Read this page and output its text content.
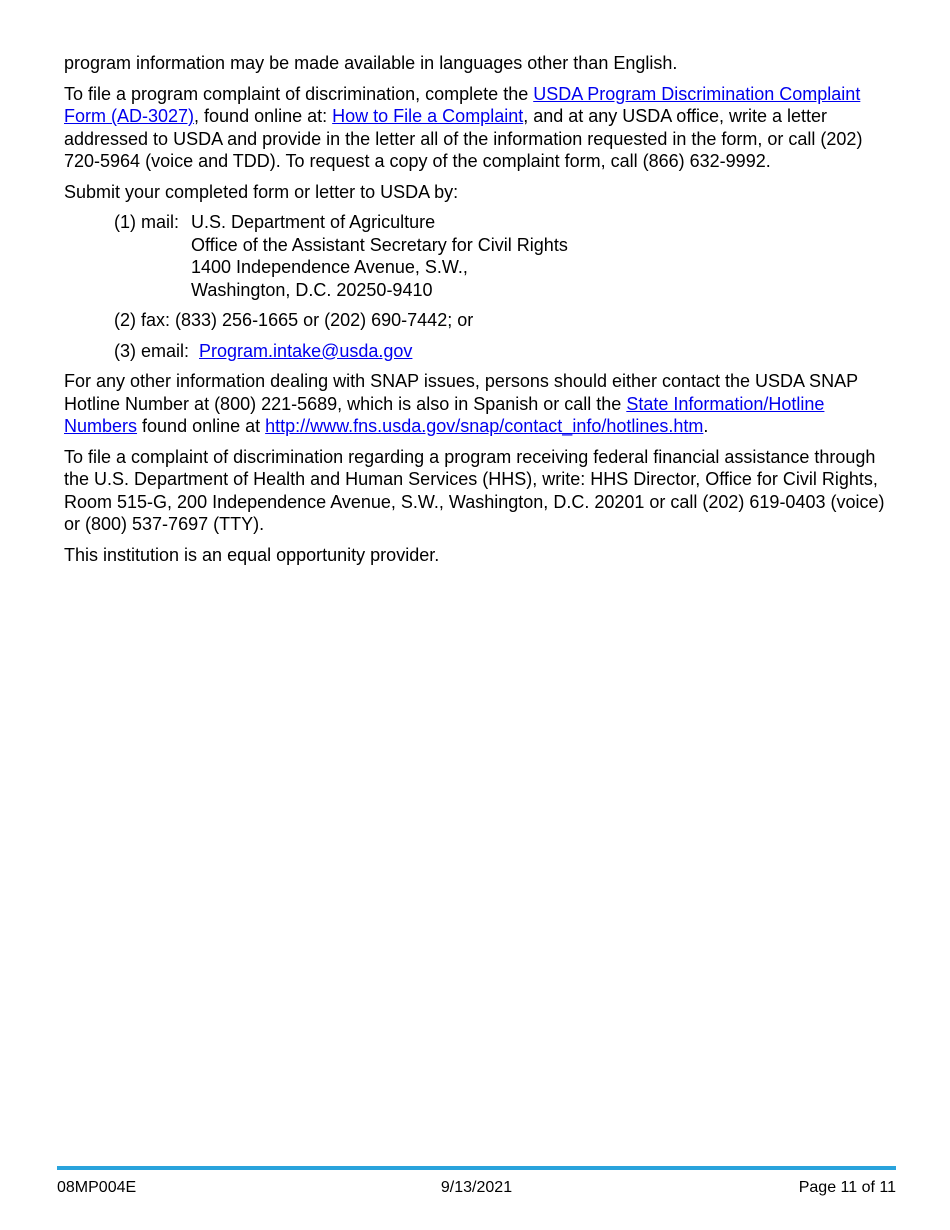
program information may be made available in languages other than English.

To file a program complaint of discrimination, complete the USDA Program Discrimination Complaint Form (AD-3027), found online at: How to File a Complaint, and at any USDA office, write a letter addressed to USDA and provide in the letter all of the information requested in the form, or call (202) 720-5964 (voice and TDD). To request a copy of the complaint form, call (866) 632-9992.

Submit your completed form or letter to USDA by:

(1) mail: U.S. Department of Agriculture
Office of the Assistant Secretary for Civil Rights
1400 Independence Avenue, S.W.,
Washington, D.C. 20250-9410
(2) fax: (833) 256-1665 or (202) 690-7442; or
(3) email: Program.intake@usda.gov

For any other information dealing with SNAP issues, persons should either contact the USDA SNAP Hotline Number at (800) 221-5689, which is also in Spanish or call the State Information/Hotline Numbers found online at http://www.fns.usda.gov/snap/contact_info/hotlines.htm.

To file a complaint of discrimination regarding a program receiving federal financial assistance through the U.S. Department of Health and Human Services (HHS), write: HHS Director, Office for Civil Rights, Room 515-G, 200 Independence Avenue, S.W., Washington, D.C. 20201 or call (202) 619-0403 (voice) or (800) 537-7697 (TTY).

This institution is an equal opportunity provider.

08MP004E	9/13/2021	Page 11 of 11
